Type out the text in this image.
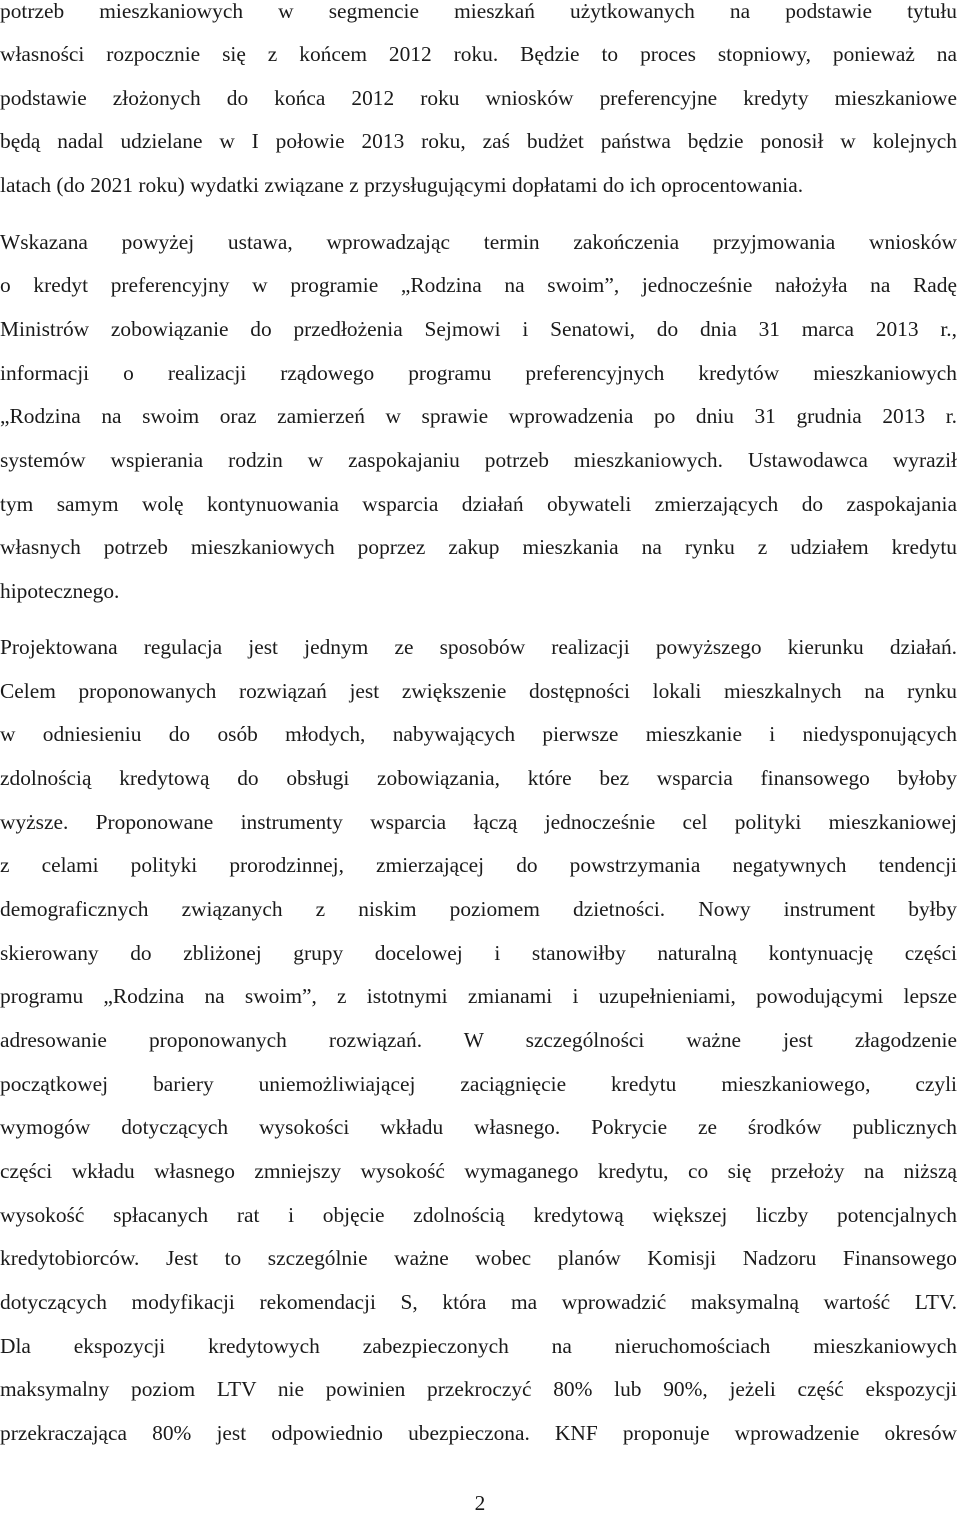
potrzeb mieszkaniowych w segmencie mieszkań użytkowanych na podstawie tytułu
własności rozpocznie się z końcem 2012 roku. Będzie to proces stopniowy, ponieważ na
podstawie złożonych do końca 2012 roku wniosków preferencyjne kredyty mieszkaniowe
będą nadal udzielane w I połowie 2013 roku, zaś budżet państwa będzie ponosił w kolejnych
latach (do 2021 roku) wydatki związane z przysługującymi dopłatami do ich oprocentowania.
Wskazana powyżej ustawa, wprowadzając termin zakończenia przyjmowania wniosków
o kredyt preferencyjny w programie „Rodzina na swoim”, jednocześnie nałożyła na Radę
Ministrów zobowiązanie do przedłożenia Sejmowi i Senatowi, do dnia 31 marca 2013 r.,
informacji o realizacji rządowego programu preferencyjnych kredytów mieszkaniowych
„Rodzina na swoim oraz zamierzeń w sprawie wprowadzenia po dniu 31 grudnia 2013 r.
systemów wspierania rodzin w zaspokajaniu potrzeb mieszkaniowych. Ustawodawca wyraził
tym samym wolę kontynuowania wsparcia działań obywateli zmierzających do zaspokajania
własnych potrzeb mieszkaniowych poprzez zakup mieszkania na rynku z udziałem kredytu
hipotecznego.
Projektowana regulacja jest jednym ze sposobów realizacji powyższego kierunku działań.
Celem proponowanych rozwiązań jest zwiększenie dostępności lokali mieszkalnych na rynku
w odniesieniu do osób młodych, nabywających pierwsze mieszkanie i niedysponujących
zdolnością kredytową do obsługi zobowiązania, które bez wsparcia finansowego byłoby
wyższe. Proponowane instrumenty wsparcia łączą jednocześnie cel polityki mieszkaniowej
z celami polityki prorodzinnej, zmierzającej do powstrzymania negatywnych tendencji
demograficznych związanych z niskim poziomem dzietności. Nowy instrument byłby
skierowany do zbliżonej grupy docelowej i stanowiłby naturalną kontynuację części
programu „Rodzina na swoim”, z istotnymi zmianami i uzupełnieniami, powodującymi lepsze
adresowanie proponowanych rozwiązań. W szczególności ważne jest złagodzenie
początkowej bariery uniemożliwiającej zaciągnięcie kredytu mieszkaniowego, czyli
wymogów dotyczących wysokości wkładu własnego. Pokrycie ze środków publicznych
części wkładu własnego zmniejszy wysokość wymaganego kredytu, co się przełoży na niższą
wysokość spłacanych rat i objęcie zdolnością kredytową większej liczby potencjalnych
kredytobiorców. Jest to szczególnie ważne wobec planów Komisji Nadzoru Finansowego
dotyczących modyfikacji rekomendacji S, która ma wprowadzić maksymalną wartość LTV.
Dla ekspozycji kredytowych zabezpieczonych na nieruchomościach mieszkaniowych
maksymalny poziom LTV nie powinien przekroczyć 80% lub 90%, jeżeli część ekspozycji
przekraczająca 80% jest odpowiednio ubezpieczona. KNF proponuje wprowadzenie okresów
2
